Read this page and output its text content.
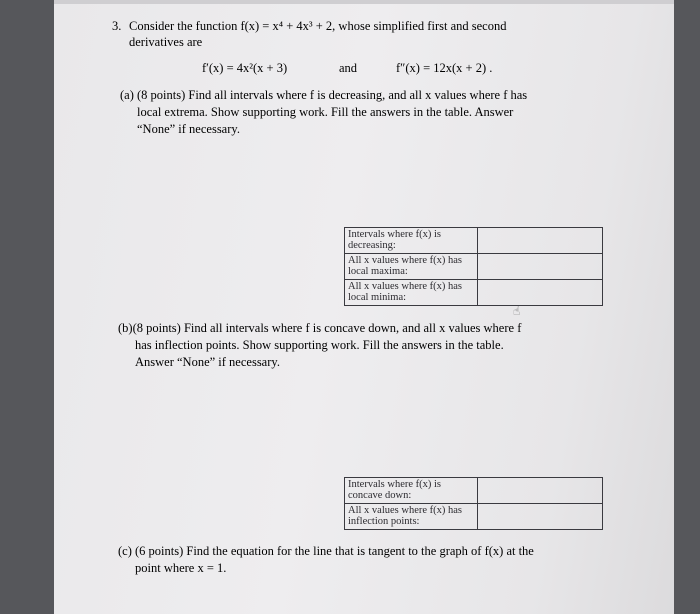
3. Consider the function f(x) = x⁴ + 4x³ + 2, whose simplified first and second
derivatives are
f′(x) = 4x²(x + 3)	and	f″(x) = 12x(x + 2) .
(a) (8 points) Find all intervals where f is decreasing, and all x values where f has
local extrema. Show supporting work. Fill the answers in the table. Answer
“None” if necessary.
Intervals where f(x) is decreasing:	
All x values where f(x) has local maxima:	
All x values where f(x) has local minima:	
☝
(b)(8 points) Find all intervals where f is concave down, and all x values where f
has inflection points. Show supporting work. Fill the answers in the table.
Answer “None” if necessary.
Intervals where f(x) is concave down:	
All x values where f(x) has inflection points:	
(c) (6 points) Find the equation for the line that is tangent to the graph of f(x) at the
point where x = 1.
